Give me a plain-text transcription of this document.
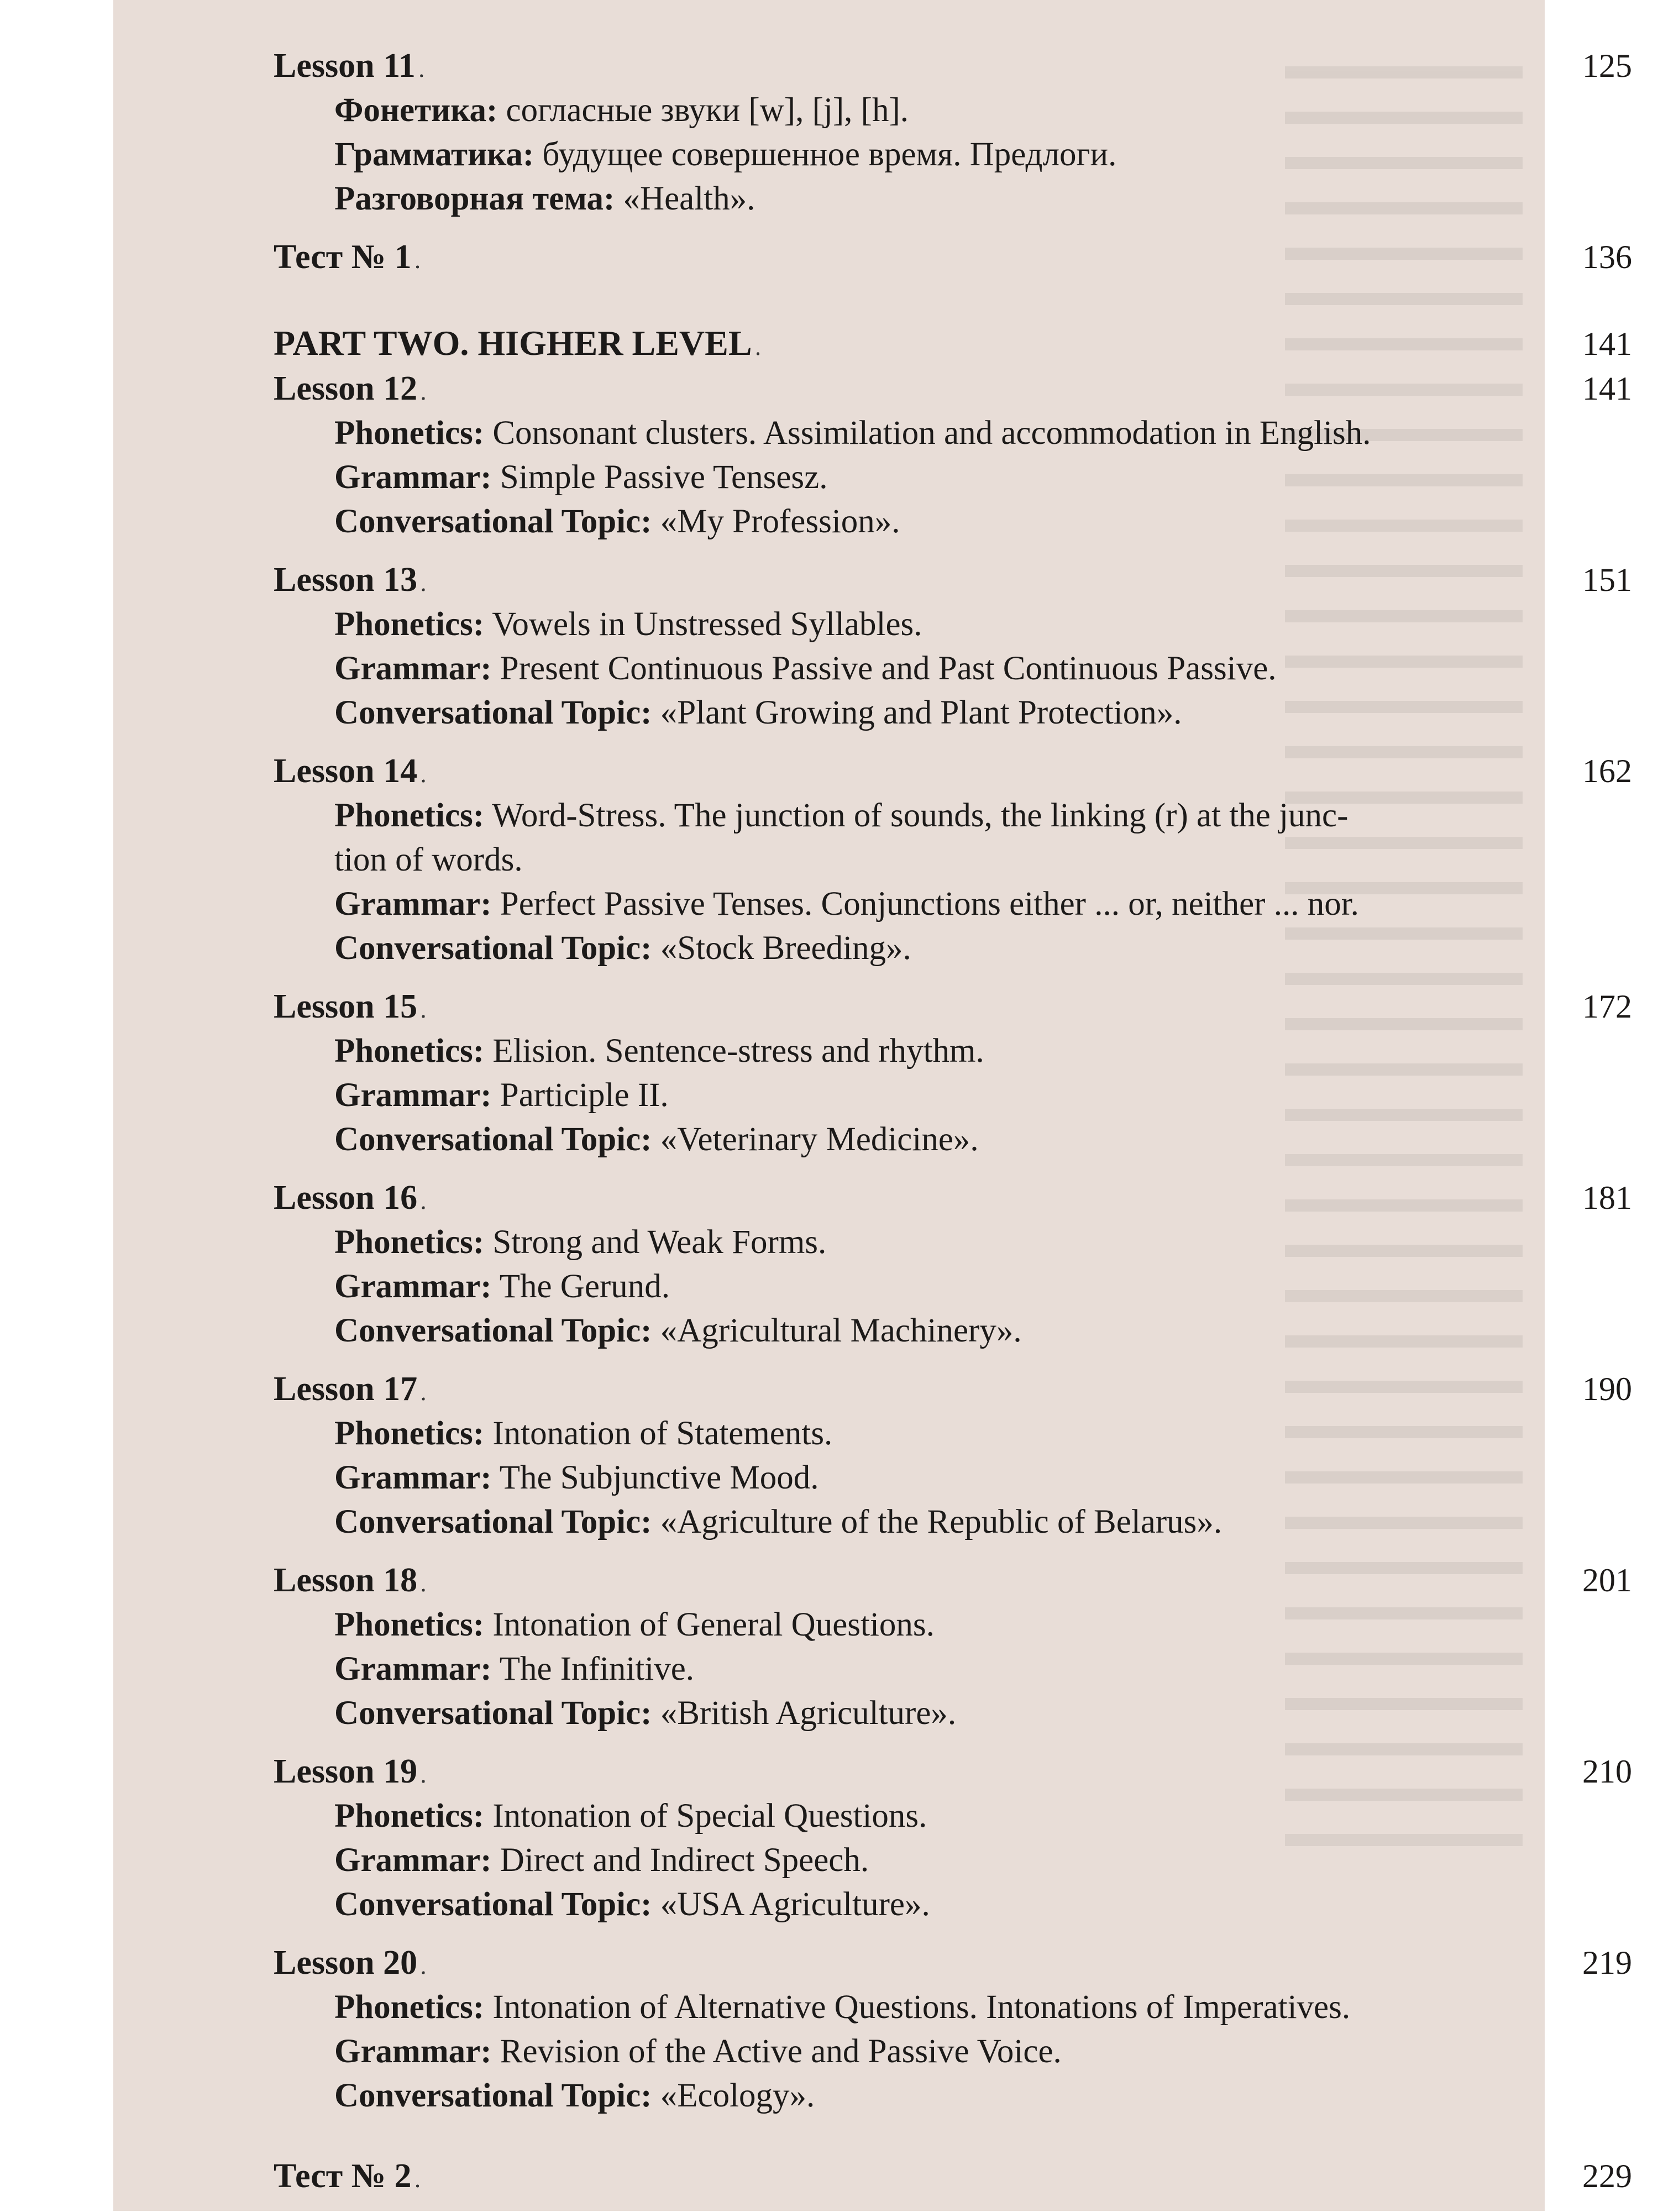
Lesson 11 . . .	125
Фонетика: согласные звуки [w], [j], [h].
Грамматика: будущее совершенное время. Предлоги.
Разговорная тема: «Health».
Тест № 1 . . .	136
PART TWO. HIGHER LEVEL . . .	141
Lesson 12 . . .	141
Phonetics: Consonant clusters. Assimilation and accommodation in English.
Grammar: Simple Passive Tensesz.
Conversational Topic: «My Profession».
Lesson 13 . . .	151
Phonetics: Vowels in Unstressed Syllables.
Grammar: Present Continuous Passive and Past Continuous Passive.
Conversational Topic: «Plant Growing and Plant Protection».
Lesson 14 . . .	162
Phonetics: Word-Stress. The junction of sounds, the linking (r) at the junc-
tion of words.
Grammar: Perfect Passive Tenses. Conjunctions either ... or, neither ... nor.
Conversational Topic: «Stock Breeding».
Lesson 15 . . .	172
Phonetics: Elision. Sentence-stress and rhythm.
Grammar: Participle II.
Conversational Topic: «Veterinary Medicine».
Lesson 16 . . .	181
Phonetics: Strong and Weak Forms.
Grammar: The Gerund.
Conversational Topic: «Agricultural Machinery».
Lesson 17 . . .	190
Phonetics: Intonation of Statements.
Grammar: The Subjunctive Mood.
Conversational Topic: «Agriculture of the Republic of Belarus».
Lesson 18 . . .	201
Phonetics: Intonation of General Questions.
Grammar: The Infinitive.
Conversational Topic: «British Agriculture».
Lesson 19 . . .	210
Phonetics: Intonation of Special Questions.
Grammar: Direct and Indirect Speech.
Conversational Topic: «USA Agriculture».
Lesson 20 . . .	219
Phonetics: Intonation of Alternative Questions. Intonations of Imperatives.
Grammar: Revision of the Active and Passive Voice.
Conversational Topic: «Ecology».
Тест № 2 . . .	229
